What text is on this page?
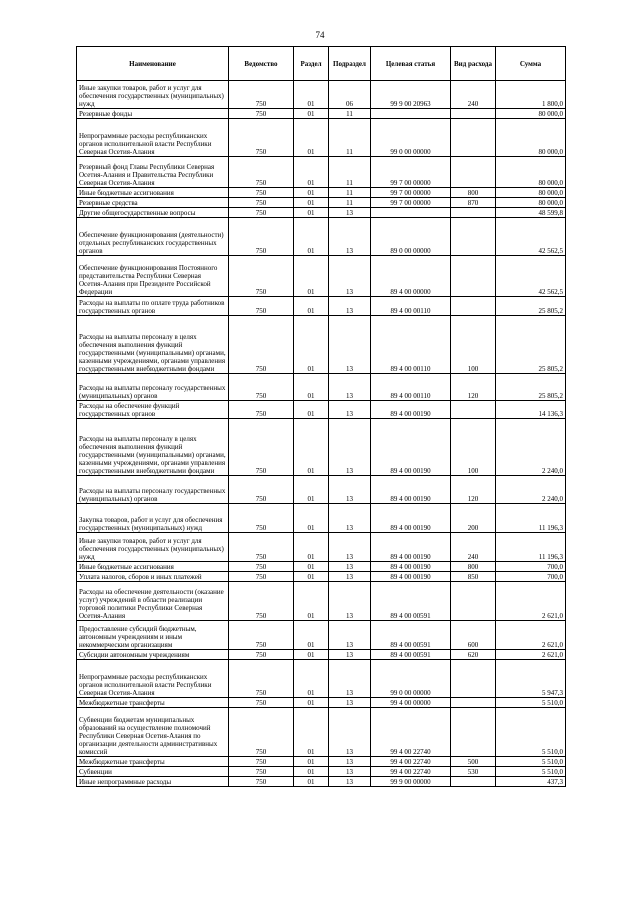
74
Наименование	Ведомство	Раздел	Подраздел	Целевая статья	Вид расхода	Сумма
Иные закупки товаров, работ и услуг для обеспечения государственных (муниципальных) нужд	750	01	06	99 9 00 20963	240	1 800,0
Резервные фонды	750	01	11			80 000,0
Непрограммные расходы республиканских органов исполнительной власти Республики Северная Осетия-Алания	750	01	11	99 0 00 00000		80 000,0
Резервный фонд Главы Республики Северная Осетия-Алания и Правительства Республики Северная Осетия-Алания	750	01	11	99 7 00 00000		80 000,0
Иные бюджетные ассигнования	750	01	11	99 7 00 00000	800	80 000,0
Резервные средства	750	01	11	99 7 00 00000	870	80 000,0
Другие общегосударственные вопросы	750	01	13			48 599,8
Обеспечение функционирования (деятельности) отдельных республиканских государственных органов	750	01	13	89 0 00 00000		42 562,5
Обеспечение функционирования Постоянного представительства Республики Северная Осетия-Алания при Президенте Российской Федерации	750	01	13	89 4 00 00000		42 562,5
Расходы на выплаты по оплате труда работников государственных органов	750	01	13	89 4 00 00110		25 805,2
Расходы на выплаты персоналу в целях обеспечения выполнения функций государственными (муниципальными) органами, казенными учреждениями, органами управления государственными внебюджетными фондами	750	01	13	89 4 00 00110	100	25 805,2
Расходы на выплаты персоналу государственных (муниципальных) органов	750	01	13	89 4 00 00110	120	25 805,2
Расходы на обеспечение функций государственных органов	750	01	13	89 4 00 00190		14 136,3
Расходы на выплаты персоналу в целях обеспечения выполнения функций государственными (муниципальными) органами, казенными учреждениями, органами управления государственными внебюджетными фондами	750	01	13	89 4 00 00190	100	2 240,0
Расходы на выплаты персоналу государственных (муниципальных) органов	750	01	13	89 4 00 00190	120	2 240,0
Закупка товаров, работ и услуг для обеспечения государственных (муниципальных) нужд	750	01	13	89 4 00 00190	200	11 196,3
Иные закупки товаров, работ и услуг для обеспечения государственных (муниципальных) нужд	750	01	13	89 4 00 00190	240	11 196,3
Иные бюджетные ассигнования	750	01	13	89 4 00 00190	800	700,0
Уплата налогов, сборов и иных платежей	750	01	13	89 4 00 00190	850	700,0
Расходы на обеспечение деятельности (оказание услуг) учреждений в области реализации торговой политики Республики Северная Осетия-Алания	750	01	13	89 4 00 00591		2 621,0
Предоставление субсидий бюджетным, автономным учреждениям и иным некоммерческим организациям	750	01	13	89 4 00 00591	600	2 621,0
Субсидии автономным учреждениям	750	01	13	89 4 00 00591	620	2 621,0
Непрограммные расходы республиканских органов исполнительной власти Республики Северная Осетия-Алания	750	01	13	99 0 00 00000		5 947,3
Межбюджетные трансферты	750	01	13	99 4 00 00000		5 510,0
Субвенции бюджетам муниципальных образований на осуществление полномочий Республики Северная Осетия-Алания по организации деятельности административных комиссий	750	01	13	99 4 00 22740		5 510,0
Межбюджетные трансферты	750	01	13	99 4 00 22740	500	5 510,0
Субвенции	750	01	13	99 4 00 22740	530	5 510,0
Иные непрограммные расходы	750	01	13	99 9 00 00000		437,3
